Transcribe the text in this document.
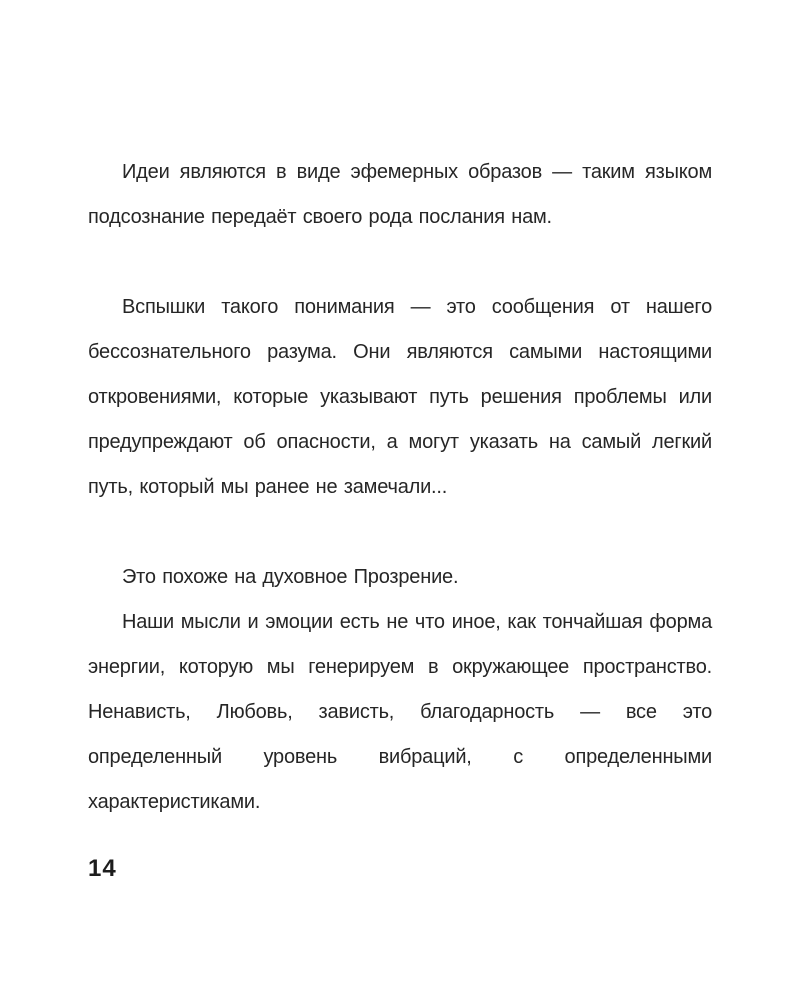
Идеи являются в виде эфемерных образов — таким языком подсознание передаёт своего рода послания нам.

Вспышки такого понимания — это сообщения от нашего бессознательного разума. Они являются самыми настоящими откровениями, которые указывают путь решения проблемы или предупреждают об опасности, а могут указать на самый легкий путь, который мы ранее не замечали...

Это похоже на духовное Прозрение.

Наши мысли и эмоции есть не что иное, как тончайшая форма энергии, которую мы генерируем в окружающее пространство. Ненависть, Любовь, зависть, благодарность — все это определенный уровень вибраций, с определенными характеристиками.

14
